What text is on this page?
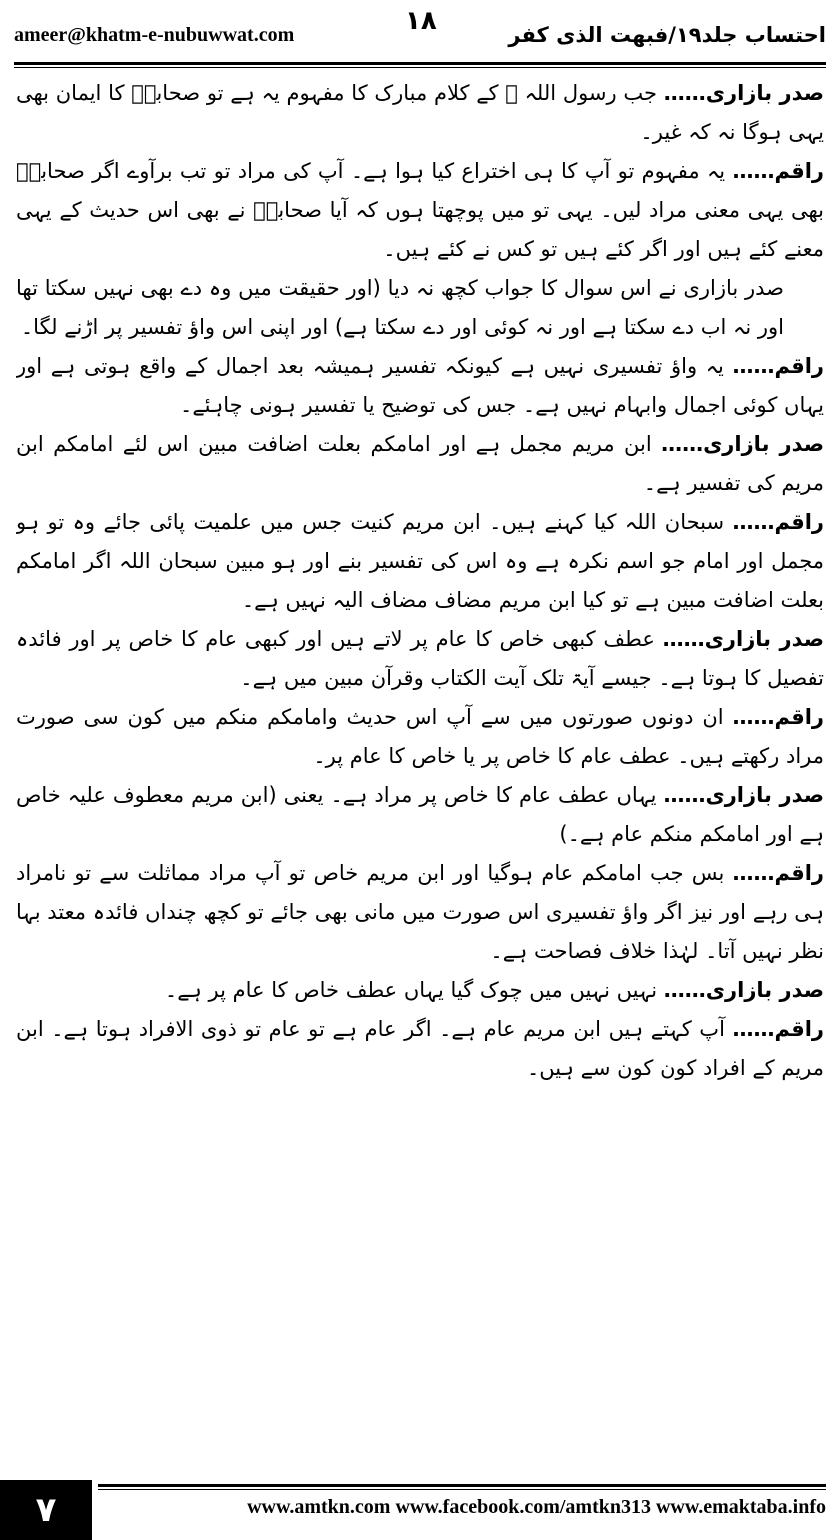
ameer@khatm-e-nubuwwat.com	احتساب جلد۱۹/فبهت الذی کفر
۱۸

صدر بازاری…… جب رسول اللہ ﷺ کے کلام مبارک کا مفہوم یہ ہے تو صحابہؓ کا ایمان بھی یہی ہوگا نہ کہ غیر۔

راقم…… یہ مفہوم تو آپ کا ہی اختراع کیا ہوا ہے۔ آپ کی مراد تو تب برآوے اگر صحابہؓ بھی یہی معنی مراد لیں۔ یہی تو میں پوچھتا ہوں کہ آیا صحابہؓ نے بھی اس حدیث کے یہی معنے کئے ہیں اور اگر کئے ہیں تو کس نے کئے ہیں۔

صدر بازاری نے اس سوال کا جواب کچھ نہ دیا (اور حقیقت میں وہ دے بھی نہیں سکتا تھا اور نہ اب دے سکتا ہے اور نہ کوئی اور دے سکتا ہے) اور اپنی اس واؤ تفسیر پر اڑنے لگا۔

راقم…… یہ واؤ تفسیری نہیں ہے کیونکہ تفسیر ہمیشہ بعد اجمال کے واقع ہوتی ہے اور یہاں کوئی اجمال وابہام نہیں ہے۔ جس کی توضیح یا تفسیر ہونی چاہئے۔

صدر بازاری…… ابن مریم مجمل ہے اور امامکم بعلت اضافت مبین اس لئے امامکم ابن مریم کی تفسیر ہے۔

راقم…… سبحان اللہ کیا کہنے ہیں۔ ابن مریم کنیت جس میں علمیت پائی جائے وہ تو ہو مجمل اور امام جو اسم نکرہ ہے وہ اس کی تفسیر بنے اور ہو مبین سبحان اللہ اگر امامکم بعلت اضافت مبین ہے تو کیا ابن مریم مضاف مضاف الیہ نہیں ہے۔

صدر بازاری…… عطف کبھی خاص کا عام پر لاتے ہیں اور کبھی عام کا خاص پر اور فائدہ تفصیل کا ہوتا ہے۔ جیسے آیۃ تلک آیت الکتاب وقرآن مبین میں ہے۔

راقم…… ان دونوں صورتوں میں سے آپ اس حدیث وامامکم منکم میں کون سی صورت مراد رکھتے ہیں۔ عطف عام کا خاص پر یا خاص کا عام پر۔

صدر بازاری…… یہاں عطف عام کا خاص پر مراد ہے۔ یعنی (ابن مریم معطوف علیہ خاص ہے اور امامکم منکم عام ہے۔)

راقم…… بس جب امامکم عام ہوگیا اور ابن مریم خاص تو آپ مراد مماثلت سے تو نامراد ہی رہے اور نیز اگر واؤ تفسیری اس صورت میں مانی بھی جائے تو کچھ چنداں فائدہ معتد بہا نظر نہیں آتا۔ لہٰذا خلاف فصاحت ہے۔

صدر بازاری…… نہیں نہیں میں چوک گیا یہاں عطف خاص کا عام پر ہے۔

راقم…… آپ کہتے ہیں ابن مریم عام ہے۔ اگر عام ہے تو عام تو ذوی الافراد ہوتا ہے۔ ابن مریم کے افراد کون کون سے ہیں۔

۷	www.amtkn.com www.facebook.com/amtkn313 www.emaktaba.info
